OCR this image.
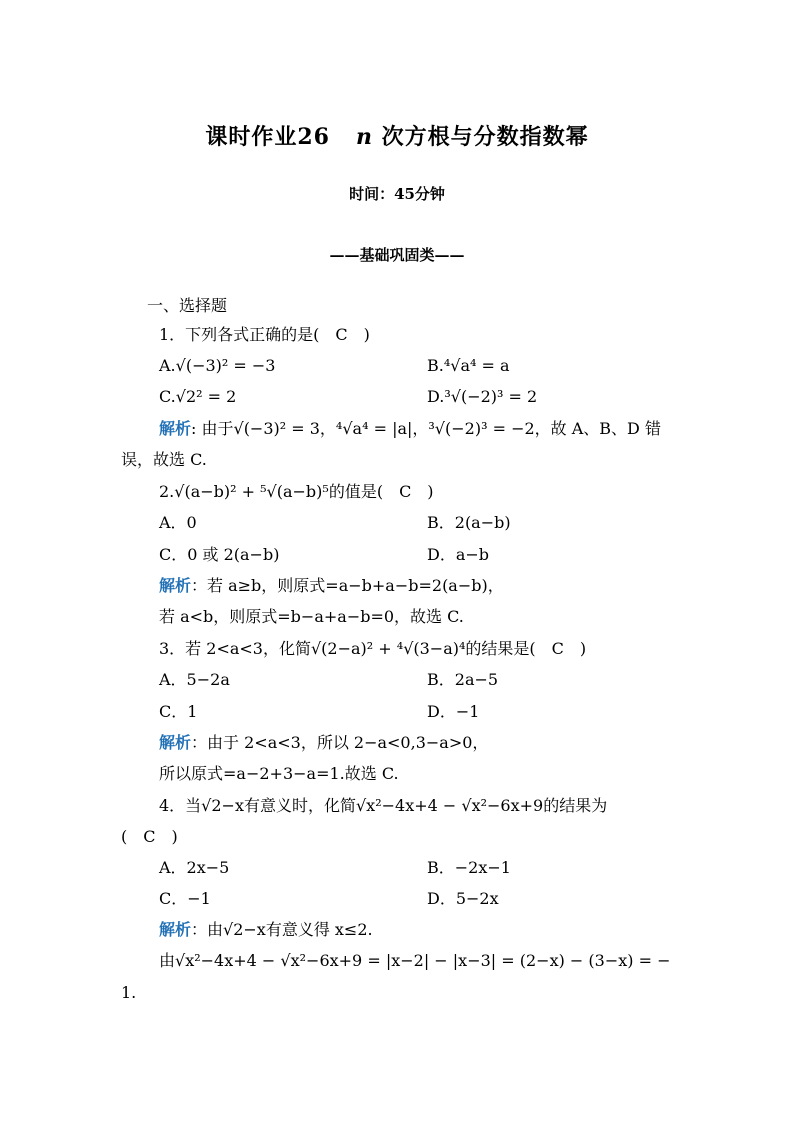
课时作业26 n 次方根与分数指数幂
时间：45分钟
——基础巩固类——
一、选择题
1．下列各式正确的是(　C　)
A.√(−3)² = −3	B.⁴√a⁴ = a
C.√2² = 2	D.³√(−2)³ = 2
解析: 由于√(−3)² = 3，⁴√a⁴ = |a|，³√(−2)³ = −2，故 A、B、D 错
误，故选 C.
2.√(a−b)² + ⁵√(a−b)⁵的值是(　C　)
A．0	B．2(a−b)
C．0 或 2(a−b)	D．a−b
解析：若 a≥b，则原式=a−b+a−b=2(a−b)，
若 a<b，则原式=b−a+a−b=0，故选 C.
3．若 2<a<3，化简√(2−a)² + ⁴√(3−a)⁴的结果是(　C　)
A．5−2a	B．2a−5
C．1	D．−1
解析：由于 2<a<3，所以 2−a<0,3−a>0，
所以原式=a−2+3−a=1.故选 C.
4．当√2−x有意义时，化简√x²−4x+4 − √x²−6x+9的结果为
(　C　)
A．2x−5	B．−2x−1
C．−1	D．5−2x
解析：由√2−x有意义得 x≤2.
由√x²−4x+4 − √x²−6x+9 = |x−2| − |x−3| = (2−x) − (3−x) = −
1.
